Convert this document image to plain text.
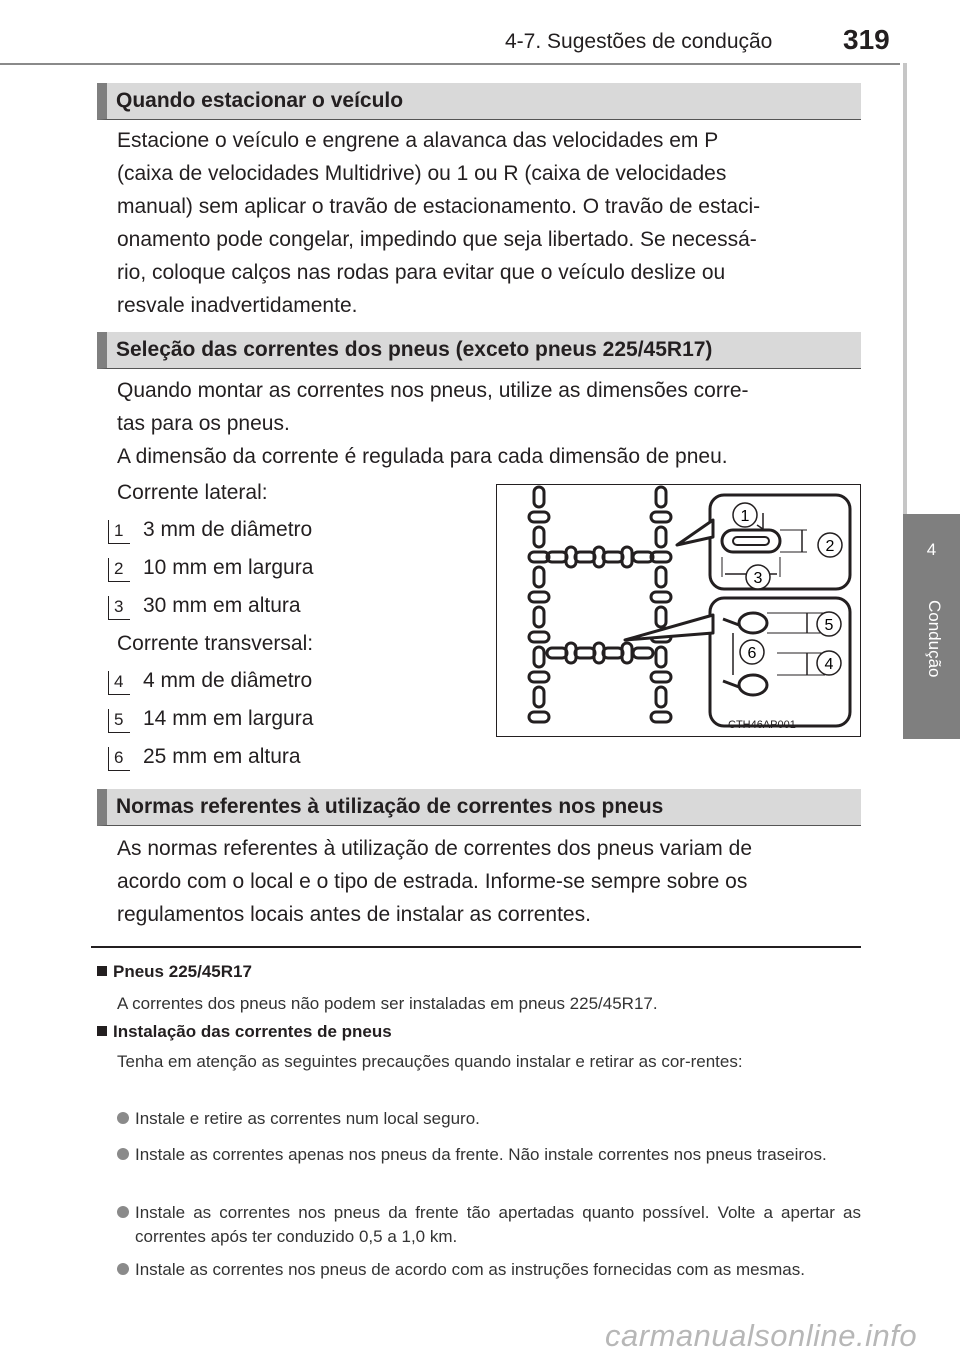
4-7. Sugestões de condução	319
4
Condução
Quando estacionar o veículo
Estacione o veículo e engrene a alavanca das velocidades em P
(caixa de velocidades Multidrive) ou 1 ou R (caixa de velocidades
manual) sem aplicar o travão de estacionamento. O travão de estaci-
onamento pode congelar, impedindo que seja libertado. Se necessá-
rio, coloque calços nas rodas para evitar que o veículo deslize ou
resvale inadvertidamente.
Seleção das correntes dos pneus (exceto pneus 225/45R17)
Quando montar as correntes nos pneus, utilize as dimensões corre-
tas para os pneus.
A dimensão da corrente é regulada para cada dimensão de pneu.
Corrente lateral:
1 3 mm de diâmetro
2 10 mm em largura
3 30 mm em altura
Corrente transversal:
4 4 mm de diâmetro
5 14 mm em largura
6 25 mm em altura
1
2
3
5
6
4
CTH46AP001
Normas referentes à utilização de correntes nos pneus
As normas referentes à utilização de correntes dos pneus variam de
acordo com o local e o tipo de estrada. Informe-se sempre sobre os
regulamentos locais antes de instalar as correntes.
Pneus 225/45R17
A correntes dos pneus não podem ser instaladas em pneus 225/45R17.
Instalação das correntes de pneus
Tenha em atenção as seguintes precauções quando instalar e retirar as cor-rentes:
Instale e retire as correntes num local seguro.
Instale as correntes apenas nos pneus da frente. Não instale correntes nos pneus traseiros.
Instale as correntes nos pneus da frente tão apertadas quanto possível. Volte a apertar as correntes após ter conduzido 0,5 a 1,0 km.
Instale as correntes nos pneus de acordo com as instruções fornecidas com as mesmas.
carmanualsonline.info
